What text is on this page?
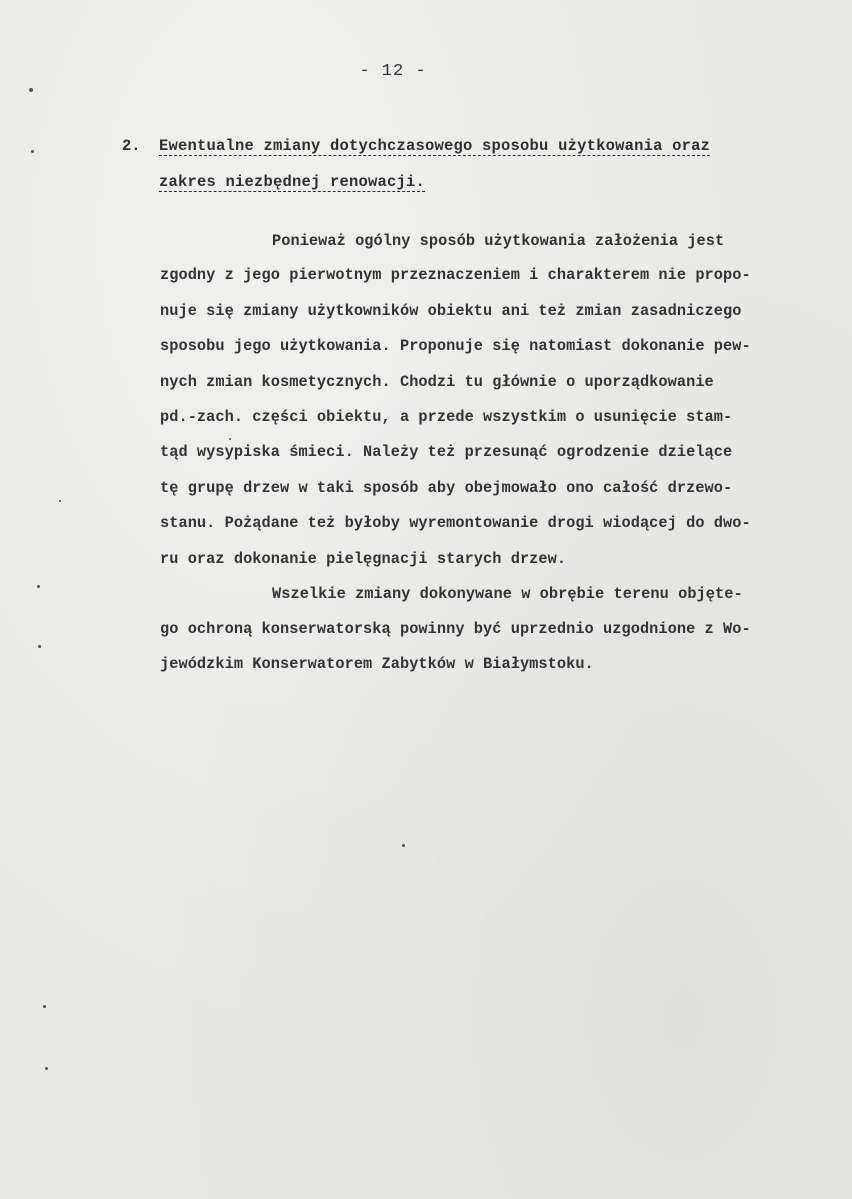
- 12 -
2. Ewentualne zmiany dotychczasowego sposobu użytkowania oraz
zakres niezbędnej renowacji.
Ponieważ ogólny sposób użytkowania założenia jest
zgodny z jego pierwotnym przeznaczeniem i charakterem nie propo-
nuje się zmiany użytkowników obiektu ani też zmian zasadniczego
sposobu jego użytkowania. Proponuje się natomiast dokonanie pew-
nych zmian kosmetycznych. Chodzi tu głównie o uporządkowanie
pd.-zach. części obiektu, a przede wszystkim o usunięcie stam-
tąd wysypiska śmieci. Należy też przesunąć ogrodzenie dzielące
tę grupę drzew w taki sposób aby obejmowało ono całość drzewo-
stanu. Pożądane też byłoby wyremontowanie drogi wiodącej do dwo-
ru oraz dokonanie pielęgnacji starych drzew.
Wszelkie zmiany dokonywane w obrębie terenu objęte-
go ochroną konserwatorską powinny być uprzednio uzgodnione z Wo-
jewódzkim Konserwatorem Zabytków w Białymstoku.
